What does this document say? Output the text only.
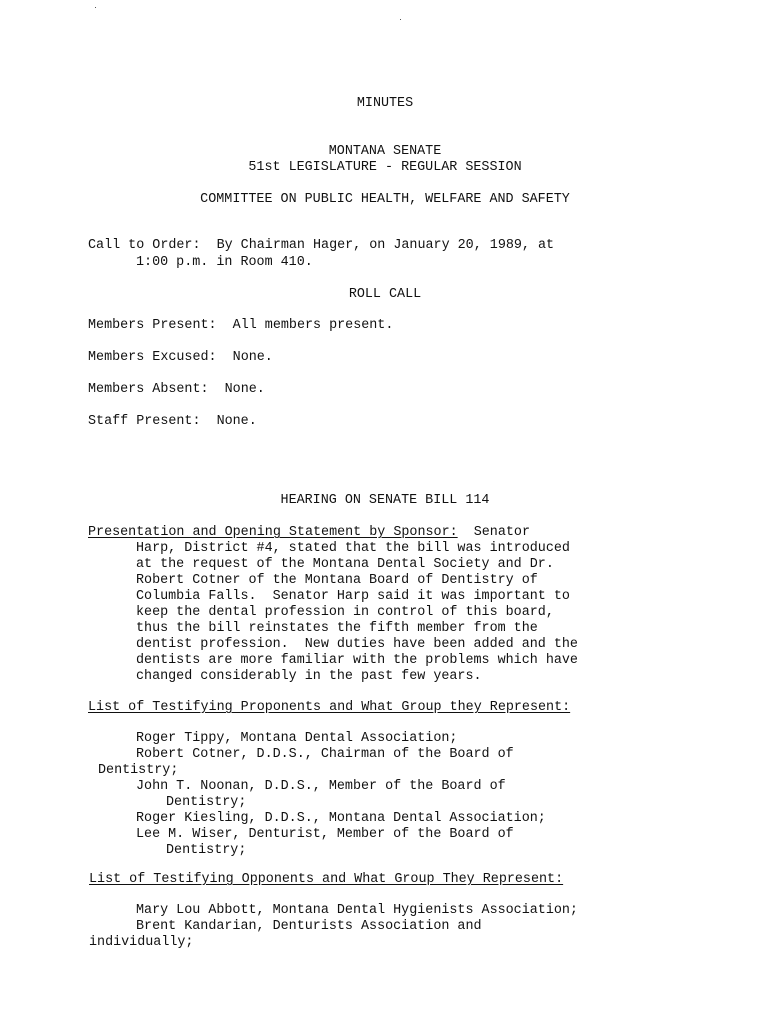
MINUTES
MONTANA SENATE
51st LEGISLATURE - REGULAR SESSION
COMMITTEE ON PUBLIC HEALTH, WELFARE AND SAFETY
Call to Order: By Chairman Hager, on January 20, 1989, at
1:00 p.m. in Room 410.
ROLL CALL
Members Present: All members present.
Members Excused: None.
Members Absent: None.
Staff Present: None.
HEARING ON SENATE BILL 114
Presentation and Opening Statement by Sponsor: Senator
Harp, District #4, stated that the bill was introduced
at the request of the Montana Dental Society and Dr.
Robert Cotner of the Montana Board of Dentistry of
Columbia Falls.  Senator Harp said it was important to
keep the dental profession in control of this board,
thus the bill reinstates the fifth member from the
dentist profession.  New duties have been added and the
dentists are more familiar with the problems which have
changed considerably in the past few years.
List of Testifying Proponents and What Group they Represent:
Roger Tippy, Montana Dental Association;
Robert Cotner, D.D.S., Chairman of the Board of
Dentistry;
John T. Noonan, D.D.S., Member of the Board of
Dentistry;
Roger Kiesling, D.D.S., Montana Dental Association;
Lee M. Wiser, Denturist, Member of the Board of
Dentistry;
List of Testifying Opponents and What Group They Represent:
Mary Lou Abbott, Montana Dental Hygienists Association;
Brent Kandarian, Denturists Association and
individually;
